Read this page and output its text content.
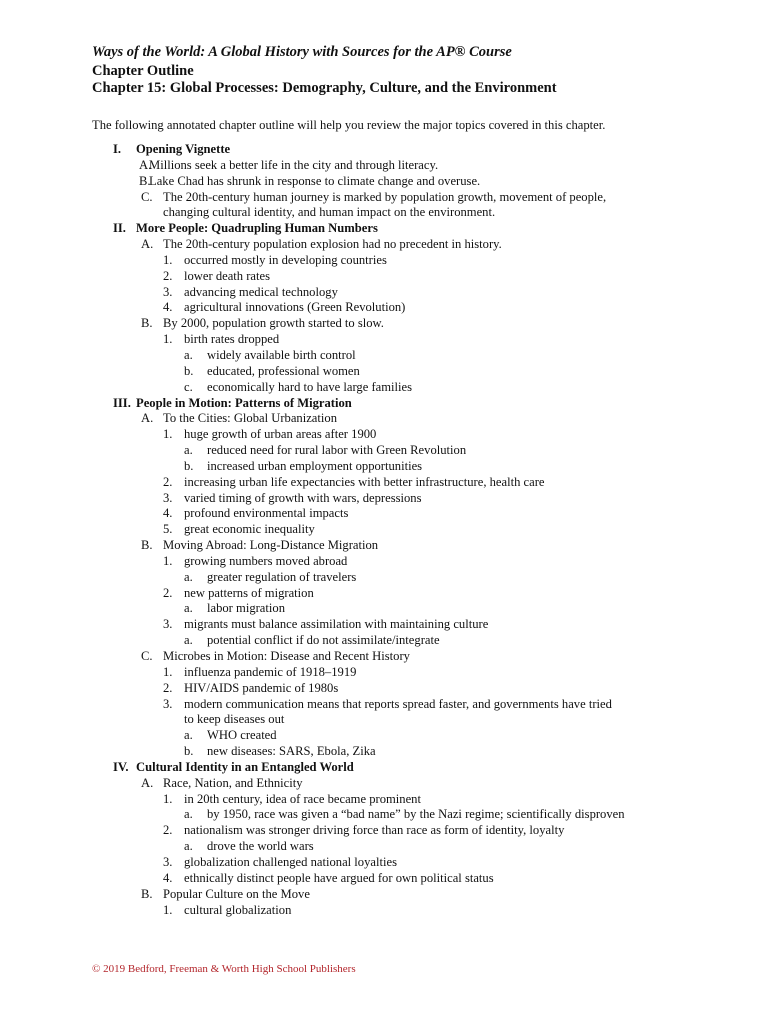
Ways of the World: A Global History with Sources for the AP® Course
Chapter Outline
Chapter 15: Global Processes: Demography, Culture, and the Environment
The following annotated chapter outline will help you review the major topics covered in this chapter.
I. Opening Vignette
A.
Millions seek a better life in the city and through literacy.
B.
Lake Chad has shrunk in response to climate change and overuse.
C. The 20th-century human journey is marked by population growth, movement of people,
changing cultural identity, and human impact on the environment.
II. More People: Quadrupling Human Numbers
A. The 20th-century population explosion had no precedent in history.
1. occurred mostly in developing countries
2. lower death rates
3. advancing medical technology
4. agricultural innovations (Green Revolution)
B. By 2000, population growth started to slow.
1. birth rates dropped
a. widely available birth control
b. educated, professional women
c. economically hard to have large families
III. People in Motion: Patterns of Migration
A. To the Cities: Global Urbanization
1. huge growth of urban areas after 1900
a. reduced need for rural labor with Green Revolution
b. increased urban employment opportunities
2. increasing urban life expectancies with better infrastructure, health care
3. varied timing of growth with wars, depressions
4. profound environmental impacts
5. great economic inequality
B. Moving Abroad: Long-Distance Migration
1. growing numbers moved abroad
a. greater regulation of travelers
2. new patterns of migration
a. labor migration
3. migrants must balance assimilation with maintaining culture
a. potential conflict if do not assimilate/integrate
C. Microbes in Motion: Disease and Recent History
1. influenza pandemic of 1918–1919
2. HIV/AIDS pandemic of 1980s
3. modern communication means that reports spread faster, and governments have tried
to keep diseases out
a. WHO created
b. new diseases: SARS, Ebola, Zika
IV. Cultural Identity in an Entangled World
A. Race, Nation, and Ethnicity
1. in 20th century, idea of race became prominent
a. by 1950, race was given a “bad name” by the Nazi regime; scientifically disproven
2. nationalism was stronger driving force than race as form of identity, loyalty
a. drove the world wars
3. globalization challenged national loyalties
4. ethnically distinct people have argued for own political status
B. Popular Culture on the Move
1. cultural globalization
© 2019 Bedford, Freeman & Worth High School Publishers
